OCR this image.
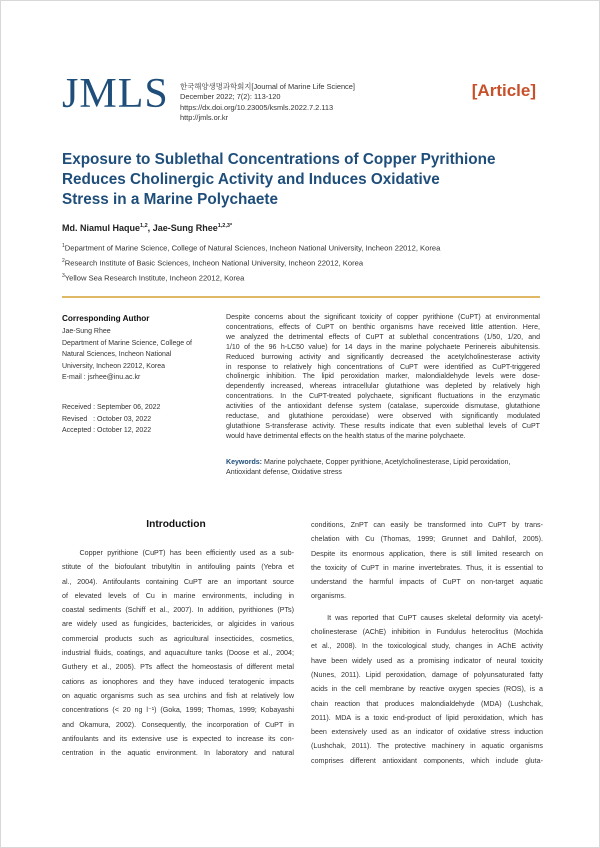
JMLS 한국해양생명과학회지[Journal of Marine Life Science]
December 2022; 7(2): 113-120
https://dx.doi.org/10.23005/ksmls.2022.7.2.113
http://jmls.or.kr
[Article]
Exposure to Sublethal Concentrations of Copper Pyrithione
Reduces Cholinergic Activity and Induces Oxidative
Stress in a Marine Polychaete
Md. Niamul Haque$^{1,2}$, Jae-Sung Rhee$^{1,2,3*}$
$^1$Department of Marine Science, College of Natural Sciences, Incheon National University, Incheon 22012, Korea
$^2$Research Institute of Basic Sciences, Incheon National University, Incheon 22012, Korea
$^3$Yellow Sea Research Institute, Incheon 22012, Korea
Corresponding Author
Jae-Sung Rhee
Department of Marine Science, College of
Natural Sciences, Incheon National
University, Incheon 22012, Korea
E-mail : jsrhee@inu.ac.kr
Received : September 06, 2022
Revised   : October 03, 2022
Accepted : October 12, 2022
Despite concerns about the significant toxicity of copper pyrithione (CuPT) at environmental
concentrations, effects of CuPT on benthic organisms have received little attention. Here,
we analyzed the detrimental effects of CuPT at sublethal concentrations (1/50, 1/20, and
1/10 of the 96 h-LC50 value) for 14 days in the marine polychaete Perinereis aibuhitensis.
Reduced burrowing activity and significantly decreased the acetylcholinesterase activity
in response to relatively high concentrations of CuPT were identified as CuPT-triggered
cholinergic inhibition. The lipid peroxidation marker, malondialdehyde levels were dose-
dependently increased, whereas intracellular glutathione was depleted by relatively high
concentrations. In the CuPT-treated polychaete, significant fluctuations in the enzymatic
activities of the antioxidant defense system (catalase, superoxide dismutase, glutathione
reductase, and glutathione peroxidase) were observed with significantly modulated
glutathione S-transferase activity. These results indicate that even sublethal levels of CuPT
would have detrimental effects on the health status of the marine polychaete.
Keywords: Marine polychaete, Copper pyrithione, Acetylcholinesterase, Lipid peroxidation,
Antioxidant defense, Oxidative stress
Introduction
Copper pyrithione (CuPT) has been efficiently used as a sub-
stitute of the biofoulant tributyltin in antifouling paints (Yebra et
al., 2004). Antifoulants containing CuPT are an important source
of elevated levels of Cu in marine environments, including in
coastal sediments (Schiff et al., 2007). In addition, pyrithiones (PTs)
are widely used as fungicides, bactericides, or algicides in various
commercial products such as agricultural insecticides, cosmetics,
industrial fluids, coatings, and aquaculture tanks (Doose et al., 2004;
Guthery et al., 2005). PTs affect the homeostasis of different metal
cations as ionophores and they have induced teratogenic impacts
on aquatic organisms such as sea urchins and fish at relatively low
concentrations (< 20 ng l⁻¹) (Goka, 1999; Thomas, 1999; Kobayashi
and Okamura, 2002). Consequently, the incorporation of CuPT in
antifoulants and its extensive use is expected to increase its con-
centration in the aquatic environment. In laboratory and natural
conditions, ZnPT can easily be transformed into CuPT by trans-
chelation with Cu (Thomas, 1999; Grunnet and Dahllof, 2005).
Despite its enormous application, there is still limited research on
the toxicity of CuPT in marine invertebrates. Thus, it is essential to
understand the harmful impacts of CuPT on non-target aquatic
organisms.
It was reported that CuPT causes skeletal deformity via acetyl-
cholinesterase (AChE) inhibition in Fundulus heteroclitus (Mochida
et al., 2008). In the toxicological study, changes in AChE activity
have been widely used as a promising indicator of neural toxicity
(Nunes, 2011). Lipid peroxidation, damage of polyunsaturated fatty
acids in the cell membrane by reactive oxygen species (ROS), is a
chain reaction that produces malondialdehyde (MDA) (Lushchak,
2011). MDA is a toxic end-product of lipid peroxidation, which has
been extensively used as an indicator of oxidative stress induction
(Lushchak, 2011). The protective machinery in aquatic organisms
comprises different antioxidant components, which include gluta-
